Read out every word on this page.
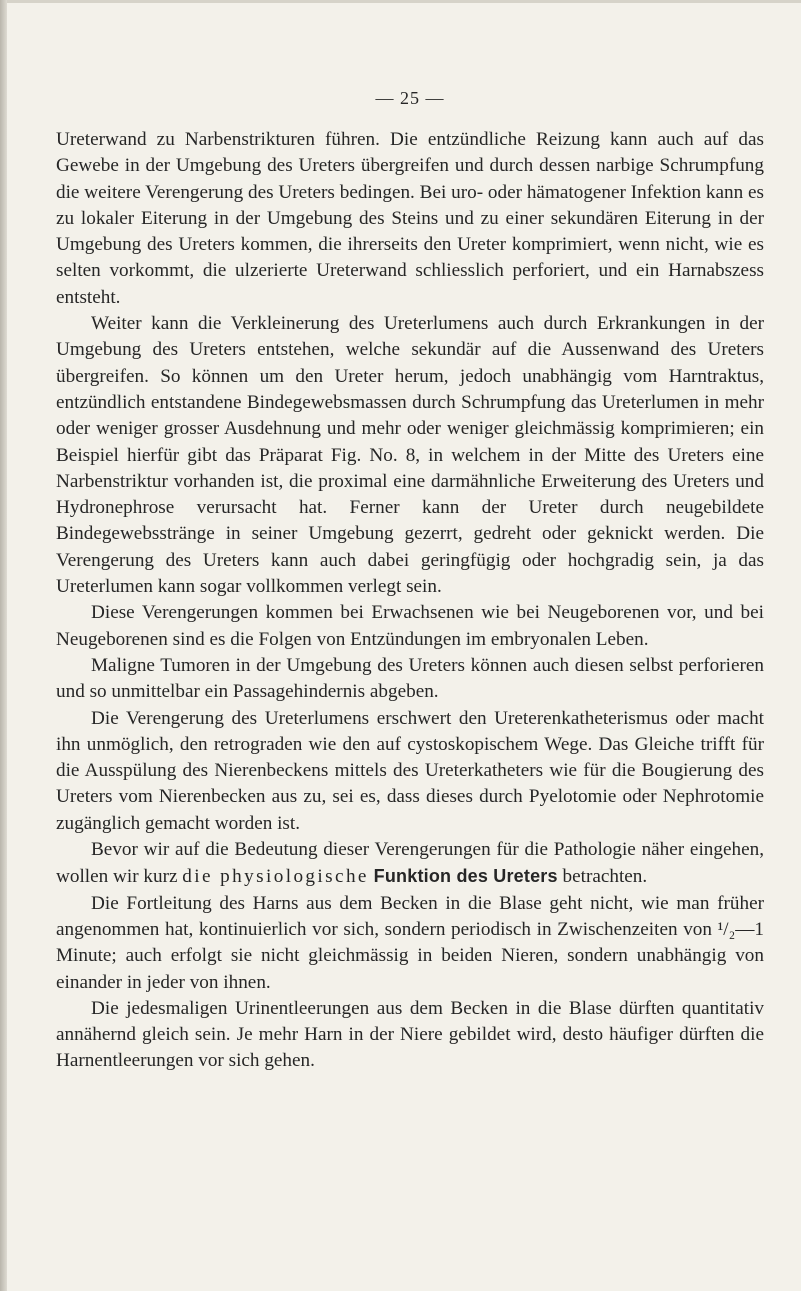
— 25 —

Ureterwand zu Narbenstrikturen führen. Die entzündliche Reizung kann auch auf das Gewebe in der Umgebung des Ureters übergreifen und durch dessen narbige Schrumpfung die weitere Verengerung des Ureters bedingen. Bei uro- oder hämatogener Infektion kann es zu lokaler Eiterung in der Umgebung des Steins und zu einer sekundären Eiterung in der Umgebung des Ureters kommen, die ihrerseits den Ureter komprimiert, wenn nicht, wie es selten vorkommt, die ulzerierte Ureterwand schliesslich perforiert, und ein Harnabszess entsteht.

Weiter kann die Verkleinerung des Ureterlumens auch durch Erkrankungen in der Umgebung des Ureters entstehen, welche sekundär auf die Aussenwand des Ureters übergreifen. So können um den Ureter herum, jedoch unabhängig vom Harntraktus, entzündlich entstandene Bindegewebsmassen durch Schrumpfung das Ureterlumen in mehr oder weniger grosser Ausdehnung und mehr oder weniger gleichmässig komprimieren; ein Beispiel hierfür gibt das Präparat Fig. No. 8, in welchem in der Mitte des Ureters eine Narbenstriktur vorhanden ist, die proximal eine darmähnliche Erweiterung des Ureters und Hydronephrose verursacht hat. Ferner kann der Ureter durch neugebildete Bindegewebsstränge in seiner Umgebung gezerrt, gedreht oder geknickt werden. Die Verengerung des Ureters kann auch dabei geringfügig oder hochgradig sein, ja das Ureterlumen kann sogar vollkommen verlegt sein.

Diese Verengerungen kommen bei Erwachsenen wie bei Neugeborenen vor, und bei Neugeborenen sind es die Folgen von Entzündungen im embryonalen Leben.

Maligne Tumoren in der Umgebung des Ureters können auch diesen selbst perforieren und so unmittelbar ein Passagehindernis abgeben.

Die Verengerung des Ureterlumens erschwert den Ureterenkatheterismus oder macht ihn unmöglich, den retrograden wie den auf cystoskopischem Wege. Das Gleiche trifft für die Ausspülung des Nierenbeckens mittels des Ureterkatheters wie für die Bougierung des Ureters vom Nierenbecken aus zu, sei es, dass dieses durch Pyelotomie oder Nephrotomie zugänglich gemacht worden ist.

Bevor wir auf die Bedeutung dieser Verengerungen für die Pathologie näher eingehen, wollen wir kurz die physiologische Funktion des Ureters betrachten.

Die Fortleitung des Harns aus dem Becken in die Blase geht nicht, wie man früher angenommen hat, kontinuierlich vor sich, sondern periodisch in Zwischenzeiten von ¹/₂—1 Minute; auch erfolgt sie nicht gleichmässig in beiden Nieren, sondern unabhängig von einander in jeder von ihnen.

Die jedesmaligen Urinentleerungen aus dem Becken in die Blase dürften quantitativ annähernd gleich sein. Je mehr Harn in der Niere gebildet wird, desto häufiger dürften die Harnentleerungen vor sich gehen.
